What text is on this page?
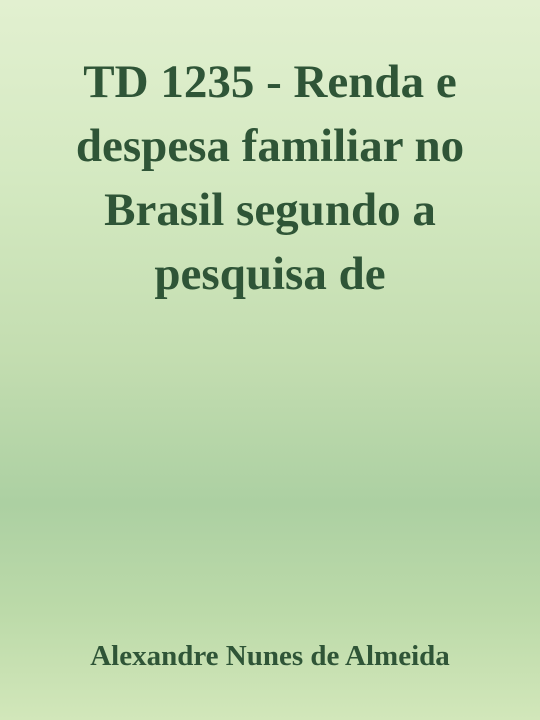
TD 1235 - Renda e despesa familiar no Brasil segundo a pesquisa de

Alexandre Nunes de Almeida
